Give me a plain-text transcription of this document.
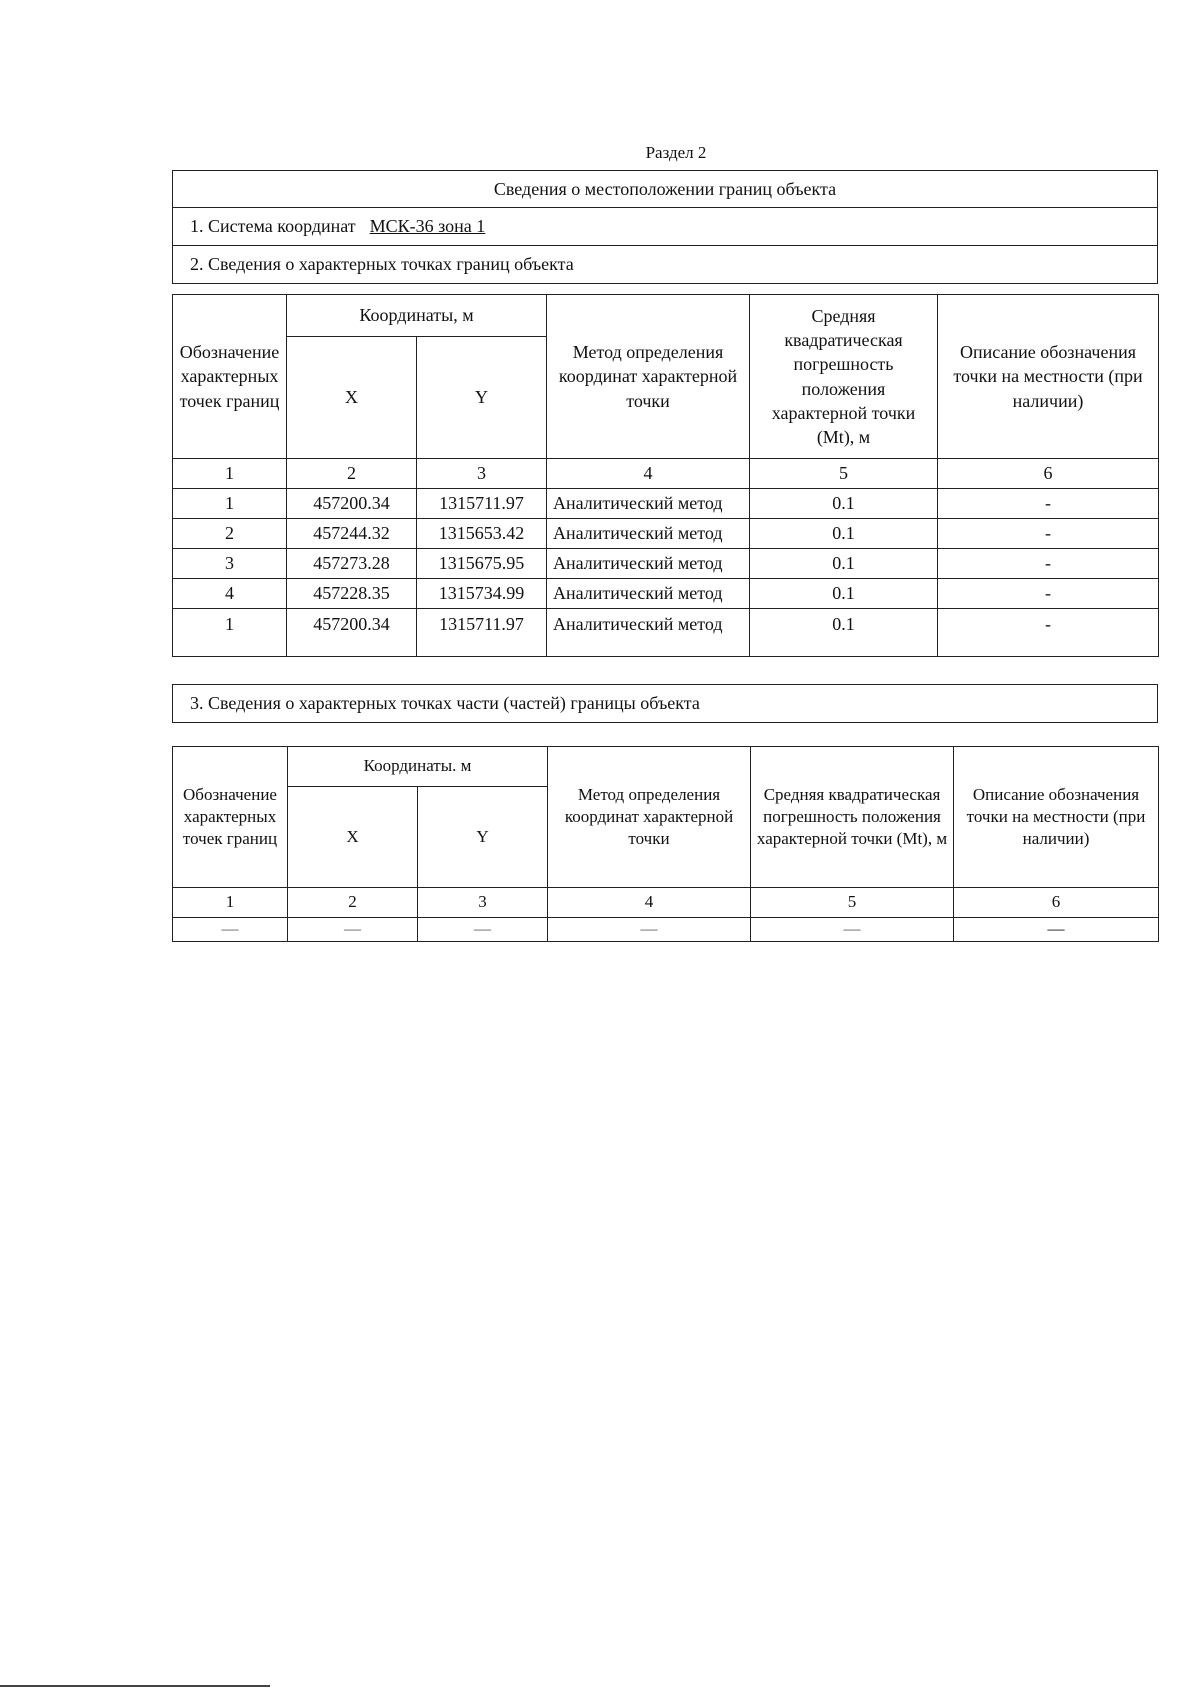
Раздел 2
Сведения о местоположении границ объекта
1. Система координат МСК-36 зона 1
2. Сведения о характерных точках границ объекта
Обозначение характерных точек границ	Координаты, м		Метод определения координат характерной точки	Средняя квадратическая погрешность положения характерной точки (Mt), м	Описание обозначения точки на местности (при наличии)
	X	Y			
1	2	3	4	5	6
1	457200.34	1315711.97	Аналитический метод	0.1	-
2	457244.32	1315653.42	Аналитический метод	0.1	-
3	457273.28	1315675.95	Аналитический метод	0.1	-
4	457228.35	1315734.99	Аналитический метод	0.1	-
1	457200.34	1315711.97	Аналитический метод	0.1	-
3. Сведения о характерных точках части (частей) границы объекта
Обозначение характерных точек границ	Координаты. м		Метод определения координат характерной точки	Средняя квадратическая погрешность положения характерной точки (Mt), м	Описание обозначения точки на местности (при наличии)
	X	Y			
1	2	3	4	5	6
—	—	—	—	—	—
